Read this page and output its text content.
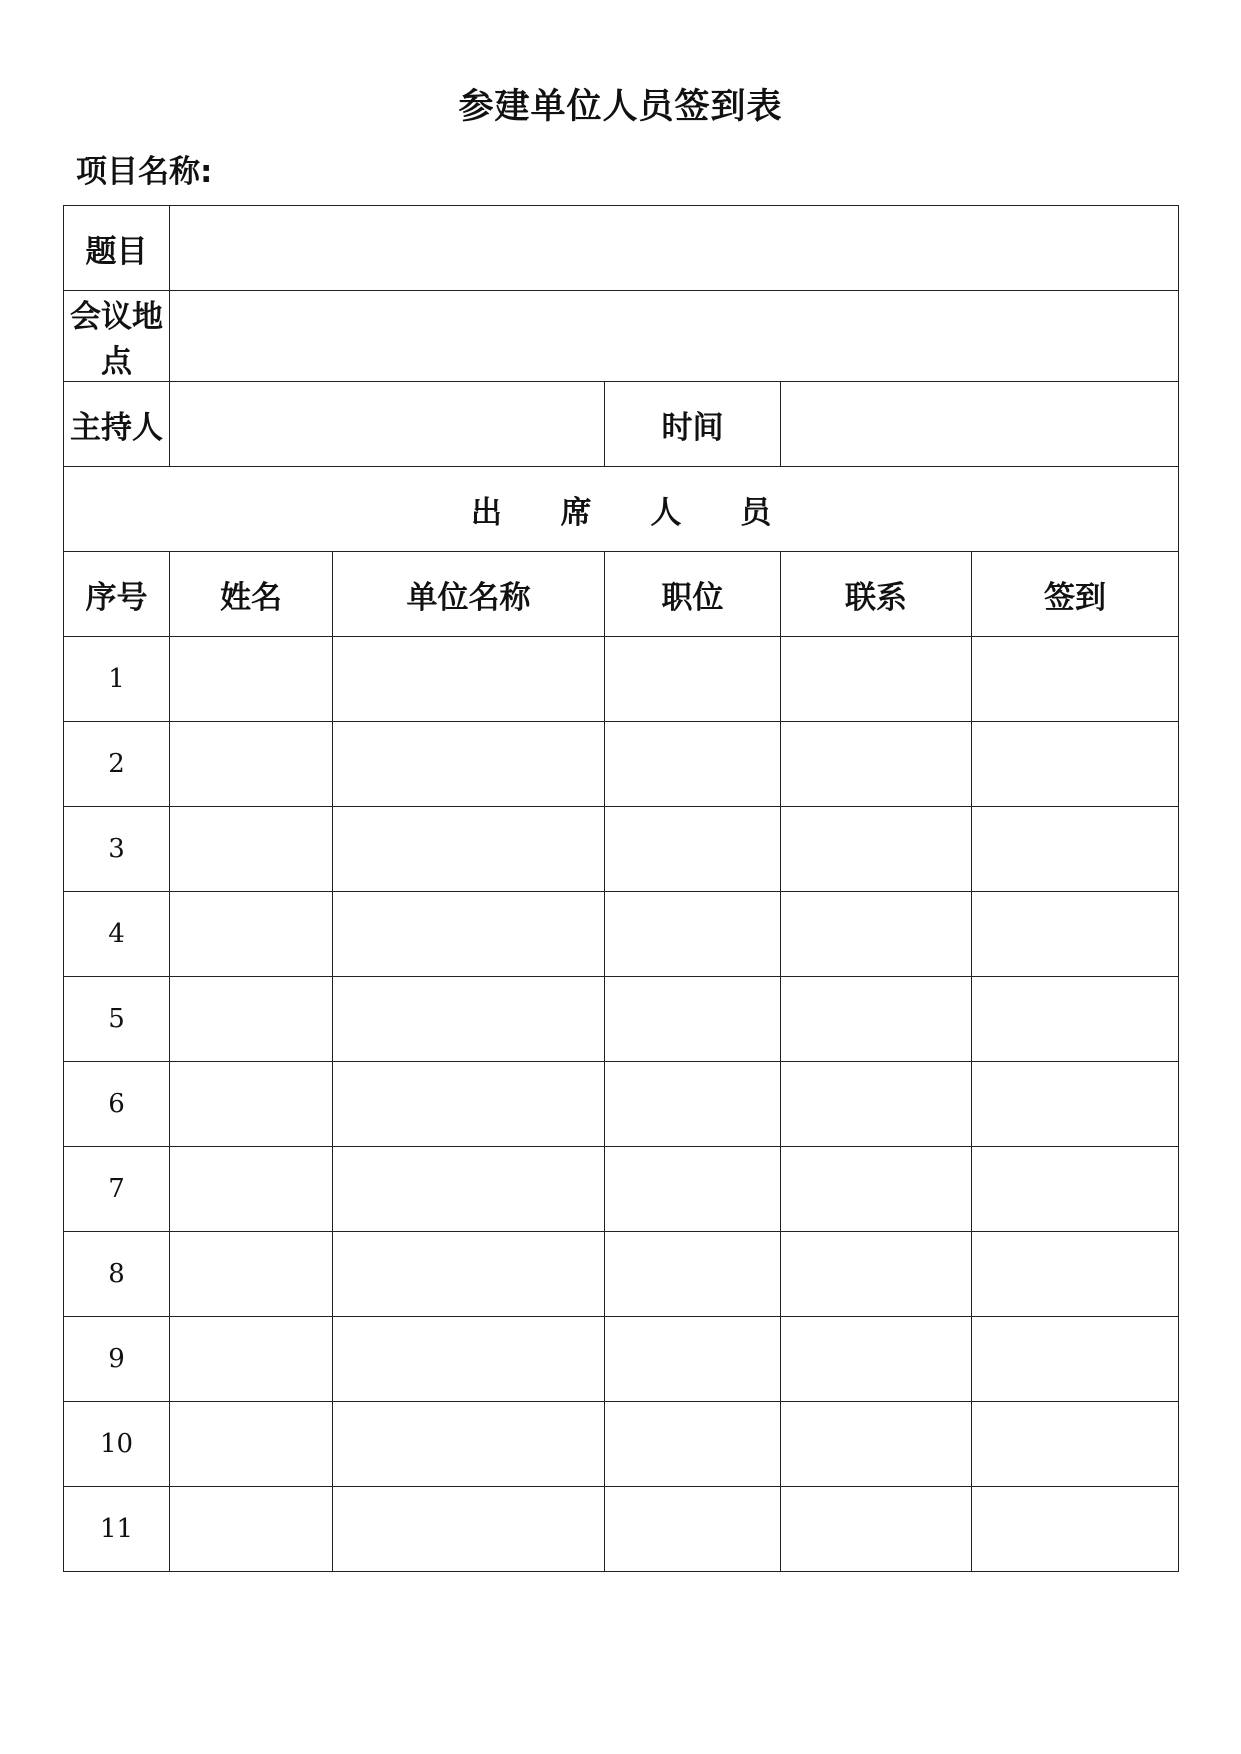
参建单位人员签到表
项目名称:
题目					
会议地点					
主持人			时间		
出 席 人 员					
序号	姓名	单位名称	职位	联系	签到
1					
2					
3					
4					
5					
6					
7					
8					
9					
10					
11					
